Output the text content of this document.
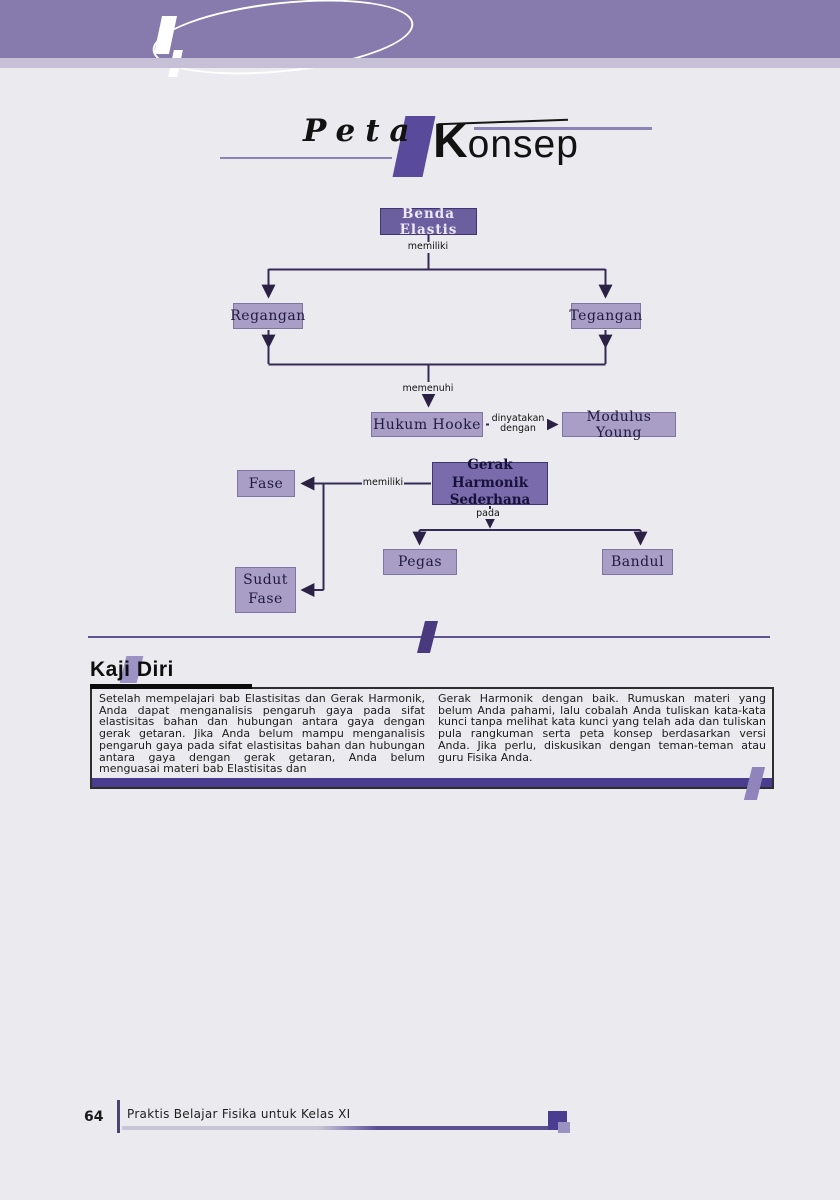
Peta K onsep
Benda Elastis
Regangan	Tegangan
Hukum Hooke	Modulus Young
Gerak Harmonik Sederhana
Fase
Sudut Fase
Pegas	Bandul
memiliki
memenuhi
dinyatakan dengan
memiliki
pada
Kaji Diri
Setelah mempelajari bab Elastisitas dan Gerak Harmonik, Anda dapat menganalisis pengaruh gaya pada sifat elastisitas bahan dan hubungan antara gaya dengan gerak getaran. Jika Anda belum mampu menganalisis pengaruh gaya pada sifat elastisitas bahan dan hubungan antara gaya dengan gerak getaran, Anda belum menguasai materi bab Elastisitas dan
Gerak Harmonik dengan baik. Rumuskan materi yang belum Anda pahami, lalu cobalah Anda tuliskan kata-kata kunci tanpa melihat kata kunci yang telah ada dan tuliskan pula rangkuman serta peta konsep berdasarkan versi Anda. Jika perlu, diskusikan dengan teman-teman atau guru Fisika Anda.
64 Praktis Belajar Fisika untuk Kelas XI
